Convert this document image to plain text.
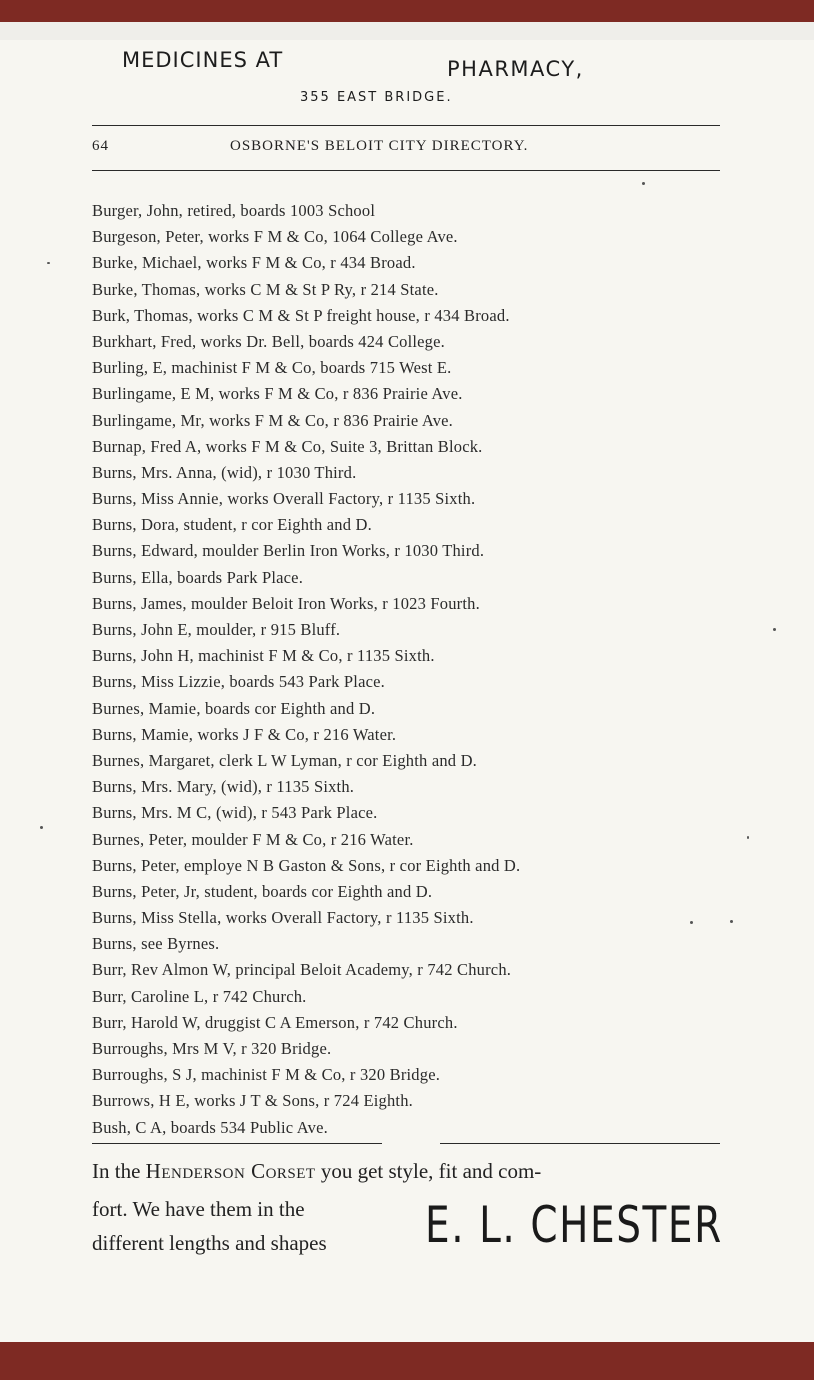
MEDICINES AT	PHARMACY,
355 EAST BRIDGE.
64	OSBORNE'S BELOIT CITY DIRECTORY.
Burger, John, retired, boards 1003 School
Burgeson, Peter, works F M & Co, 1064 College Ave.
Burke, Michael, works F M & Co, r 434 Broad.
Burke, Thomas, works C M & St P Ry, r 214 State.
Burk, Thomas, works C M & St P freight house, r 434 Broad.
Burkhart, Fred, works Dr. Bell, boards 424 College.
Burling, E, machinist F M & Co, boards 715 West E.
Burlingame, E M, works F M & Co, r 836 Prairie Ave.
Burlingame, Mr, works F M & Co, r 836 Prairie Ave.
Burnap, Fred A, works F M & Co, Suite 3, Brittan Block.
Burns, Mrs. Anna, (wid), r 1030 Third.
Burns, Miss Annie, works Overall Factory, r 1135 Sixth.
Burns, Dora, student, r cor Eighth and D.
Burns, Edward, moulder Berlin Iron Works, r 1030 Third.
Burns, Ella, boards Park Place.
Burns, James, moulder Beloit Iron Works, r 1023 Fourth.
Burns, John E, moulder, r 915 Bluff.
Burns, John H, machinist F M & Co, r 1135 Sixth.
Burns, Miss Lizzie, boards 543 Park Place.
Burnes, Mamie, boards cor Eighth and D.
Burns, Mamie, works J F & Co, r 216 Water.
Burnes, Margaret, clerk L W Lyman, r cor Eighth and D.
Burns, Mrs. Mary, (wid), r 1135 Sixth.
Burns, Mrs. M C, (wid), r 543 Park Place.
Burnes, Peter, moulder F M & Co, r 216 Water.
Burns, Peter, employe N B Gaston & Sons, r cor Eighth and D.
Burns, Peter, Jr, student, boards cor Eighth and D.
Burns, Miss Stella, works Overall Factory, r 1135 Sixth.
Burns, see Byrnes.
Burr, Rev Almon W, principal Beloit Academy, r 742 Church.
Burr, Caroline L, r 742 Church.
Burr, Harold W, druggist C A Emerson, r 742 Church.
Burroughs, Mrs M V, r 320 Bridge.
Burroughs, S J, machinist F M & Co, r 320 Bridge.
Burrows, H E, works J T & Sons, r 724 Eighth.
Bush, C A, boards 534 Public Ave.
In the Henderson Corset you get style, fit and com-
fort. We have them in the
different lengths and shapes E. L. CHESTER
